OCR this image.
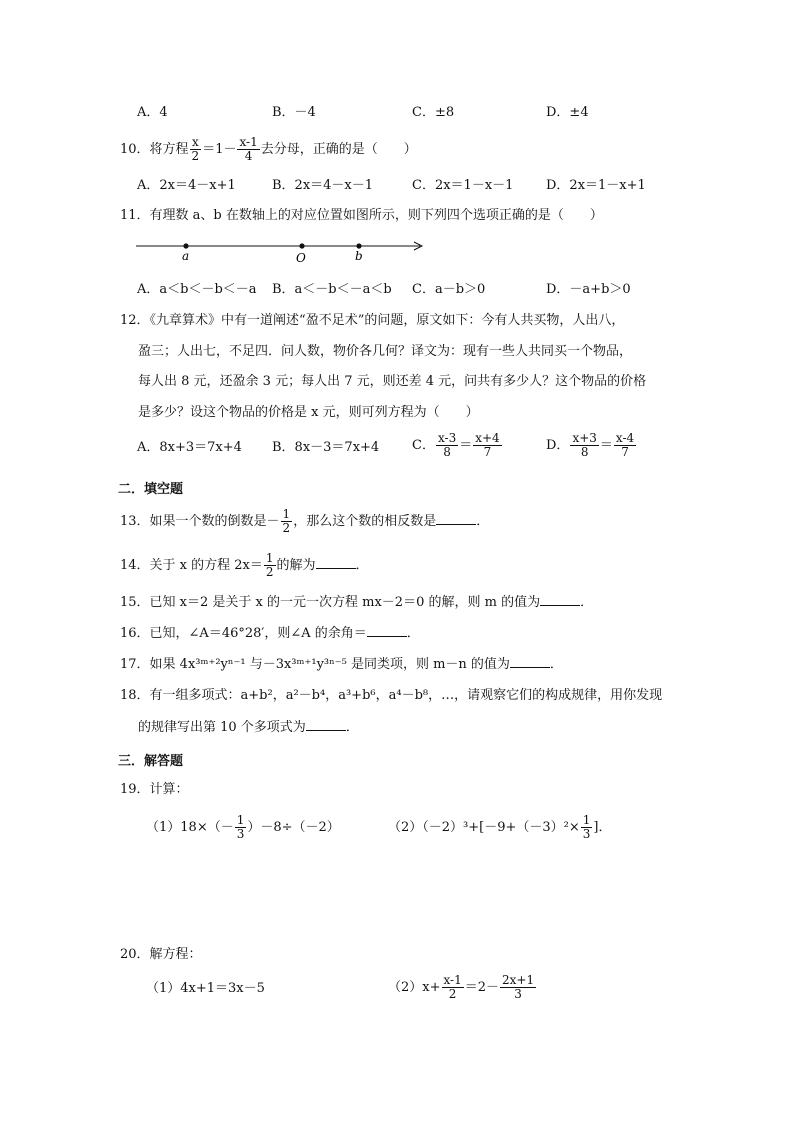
A．4	B．－4	C．±8	D．±4
10．将方程 $\frac{x}{2} =1- \frac{x-1}{4}$ 去分母，正确的是（　　）
A．2x＝4－x+1	B．2x＝4－x－1	C．2x＝1－x－1	D．2x＝1－x+1
11．有理数 a、b 在数轴上的对应位置如图所示，则下列四个选项正确的是（　　）
a	O	b
A．a＜b＜－b＜－a B．a＜－b＜－a＜b C．a－b＞0	D．－a+b＞0
12．《九章算术》中有一道阐述“盈不足术”的问题，原文如下：今有人共买物，人出八，
盈三；人出七，不足四．问人数，物价各几何？译文为：现有一些人共同买一个物品，
每人出 8 元，还盈余 3 元；每人出 7 元，则还差 4 元，问共有多少人？这个物品的价格
是多少？设这个物品的价格是 x 元，则可列方程为（　　）
A．8x+3＝7x+4 B．8x－3＝7x+4	C． $\frac{x-3}{8} = \frac{x+4}{7}$	D． $\frac{x+3}{8} = \frac{x-4}{7}$
二．填空题
13．如果一个数的倒数是－ $\frac{1}{2}$ ，那么这个数的相反数是	．
14．关于 x 的方程 $2x= \frac{1}{2}$ 的解为	．
15．已知 x＝2 是关于 x 的一元一次方程 mx－2＝0 的解，则 m 的值为	．
16．已知，∠A＝46°28′，则∠A 的余角＝	．
17．如果 4x³ᵐ⁺²yⁿ⁻¹ 与－3x³ᵐ⁺¹y³ⁿ⁻⁵ 是同类项，则 m－n 的值为	．
18．有一组多项式：a+b²，a²－b⁴，a³+b⁶，a⁴－b⁸，…，请观察它们的构成规律，用你发现
的规律写出第 10 个多项式为	．
三．解答题
19．计算：
$(1)18\times(- \frac{1}{3} )-8\div(-2)$	$(2)(-2)^3+[-9+(-3)^2\times \frac{1}{3}$ ]．
20．解方程：
（1）4x+1＝3x－5	$(2)x+ \frac{x-1}{2} =2- \frac{2x+1}{3}$
